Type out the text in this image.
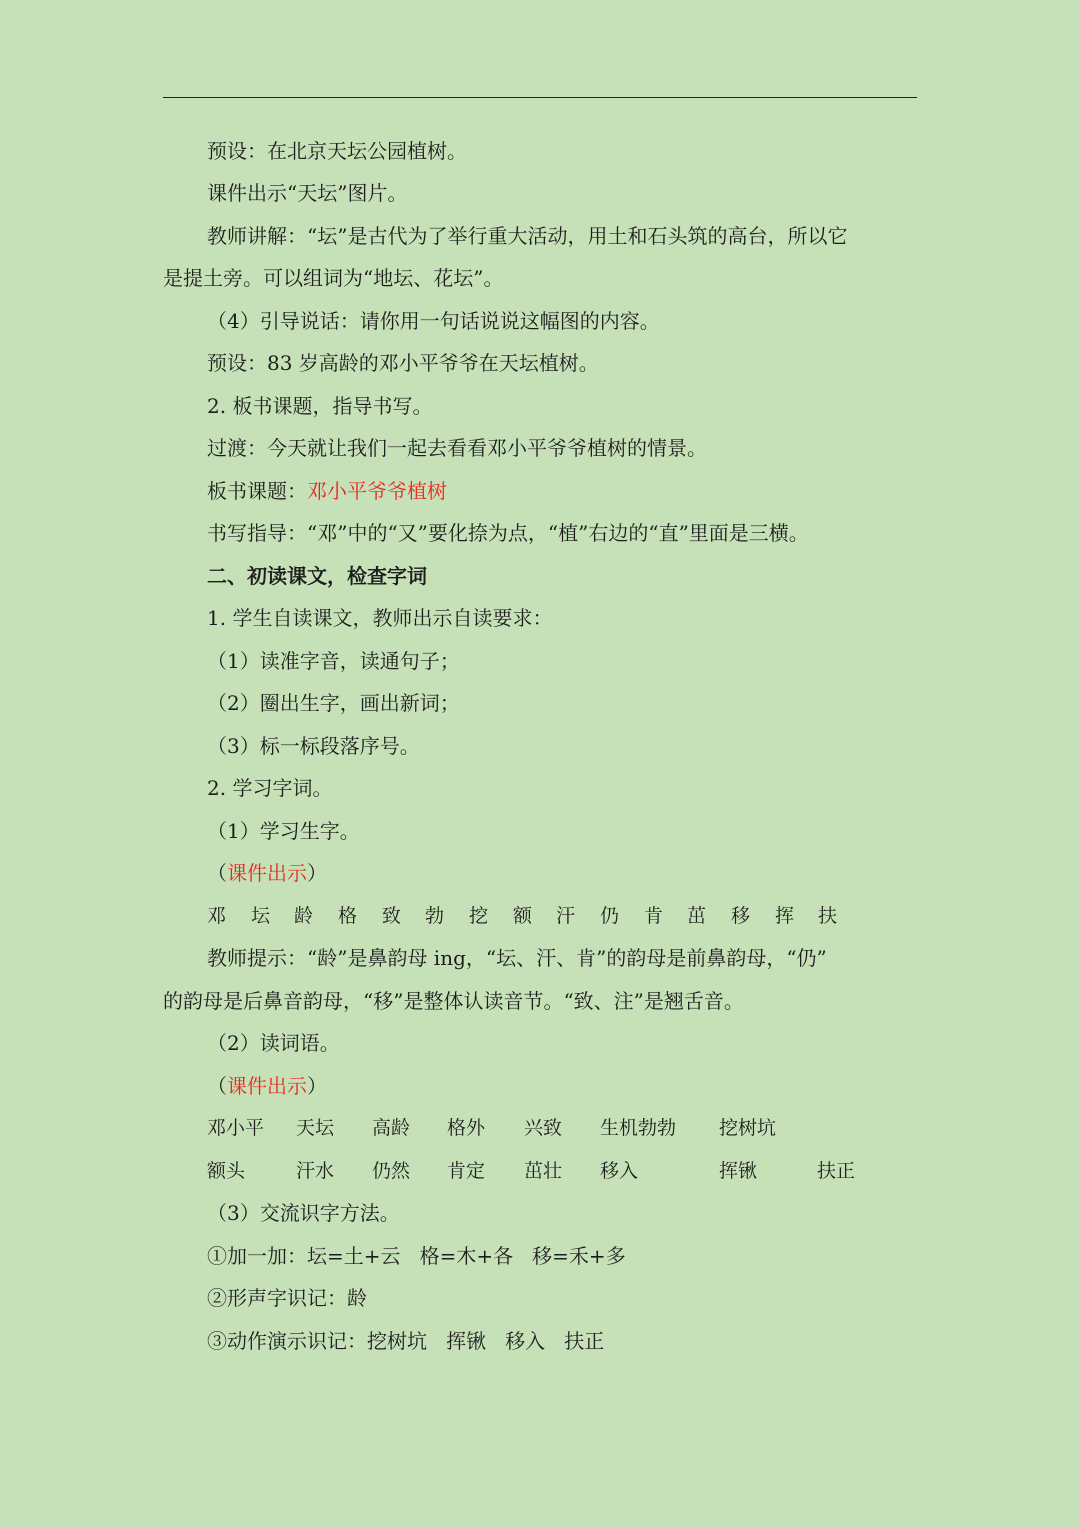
预设：在北京天坛公园植树。
课件出示“天坛”图片。
教师讲解：“坛”是古代为了举行重大活动，用土和石头筑的高台，所以它
是提土旁。可以组词为“地坛、花坛”。
（4）引导说话：请你用一句话说说这幅图的内容。
预设：83 岁高龄的邓小平爷爷在天坛植树。
2. 板书课题，指导书写。
过渡：今天就让我们一起去看看邓小平爷爷植树的情景。
板书课题：邓小平爷爷植树
书写指导：“邓”中的“又”要化捺为点，“植”右边的“直”里面是三横。
二、初读课文，检查字词
1. 学生自读课文，教师出示自读要求：
（1）读准字音，读通句子；
（2）圈出生字，画出新词；
（3）标一标段落序号。
2. 学习字词。
（1）学习生字。
（课件出示）
邓 坛 龄 格 致 勃 挖 额 汗 仍 肯 茁 移 挥 扶
教师提示：“龄”是鼻韵母 ing，“坛、汗、肯”的韵母是前鼻韵母，“仍”
的韵母是后鼻音韵母，“移”是整体认读音节。“致、注”是翘舌音。
（2）读词语。
（课件出示）
邓小平 天坛 高龄 格外 兴致 生机勃勃 挖树坑
额头	汗水 仍然 肯定 茁壮 移入	挥锹	扶正
（3）交流识字方法。
①加一加：坛=土+云   格=木+各   移=禾+多
②形声字识记：龄
③动作演示识记：挖树坑   挥锹   移入   扶正
